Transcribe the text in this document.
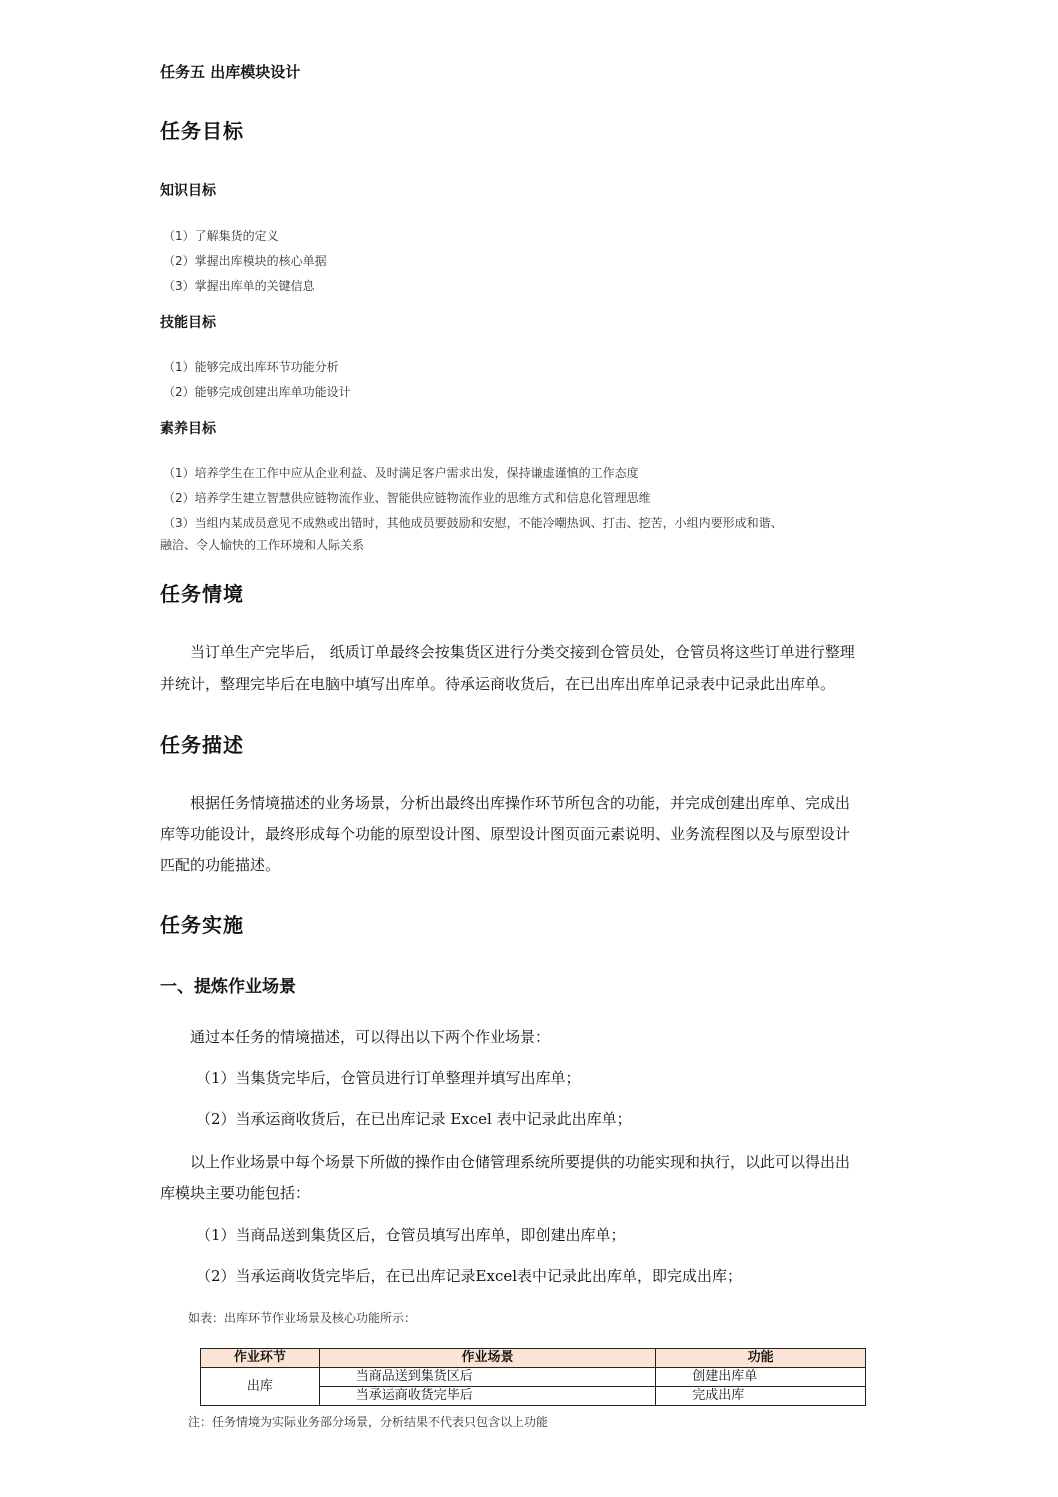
任务五 出库模块设计
任务目标
知识目标
（1）了解集货的定义
（2）掌握出库模块的核心单据
（3）掌握出库单的关键信息
技能目标
（1）能够完成出库环节功能分析
（2）能够完成创建出库单功能设计
素养目标
（1）培养学生在工作中应从企业利益、及时满足客户需求出发，保持谦虚谨慎的工作态度
（2）培养学生建立智慧供应链物流作业、智能供应链物流作业的思维方式和信息化管理思维
（3）当组内某成员意见不成熟或出错时，其他成员要鼓励和安慰，不能冷嘲热讽、打击、挖苦，小组内要形成和谐、
融洽、令人愉快的工作环境和人际关系
任务情境
当订单生产完毕后， 纸质订单最终会按集货区进行分类交接到仓管员处，仓管员将这些订单进行整理
并统计，整理完毕后在电脑中填写出库单。待承运商收货后，在已出库出库单记录表中记录此出库单。
任务描述
根据任务情境描述的业务场景，分析出最终出库操作环节所包含的功能，并完成创建出库单、完成出
库等功能设计，最终形成每个功能的原型设计图、原型设计图页面元素说明、业务流程图以及与原型设计
匹配的功能描述。
任务实施
一、提炼作业场景
通过本任务的情境描述，可以得出以下两个作业场景：
（1）当集货完毕后，仓管员进行订单整理并填写出库单；
（2）当承运商收货后，在已出库记录 Excel 表中记录此出库单；
以上作业场景中每个场景下所做的操作由仓储管理系统所要提供的功能实现和执行，以此可以得出出
库模块主要功能包括：
（1）当商品送到集货区后，仓管员填写出库单，即创建出库单；
（2）当承运商收货完毕后，在已出库记录Excel表中记录此出库单，即完成出库；
如表：出库环节作业场景及核心功能所示：
作业环节	作业场景	功能
出库	当商品送到集货区后	创建出库单
	当承运商收货完毕后	完成出库
注：任务情境为实际业务部分场景，分析结果不代表只包含以上功能
